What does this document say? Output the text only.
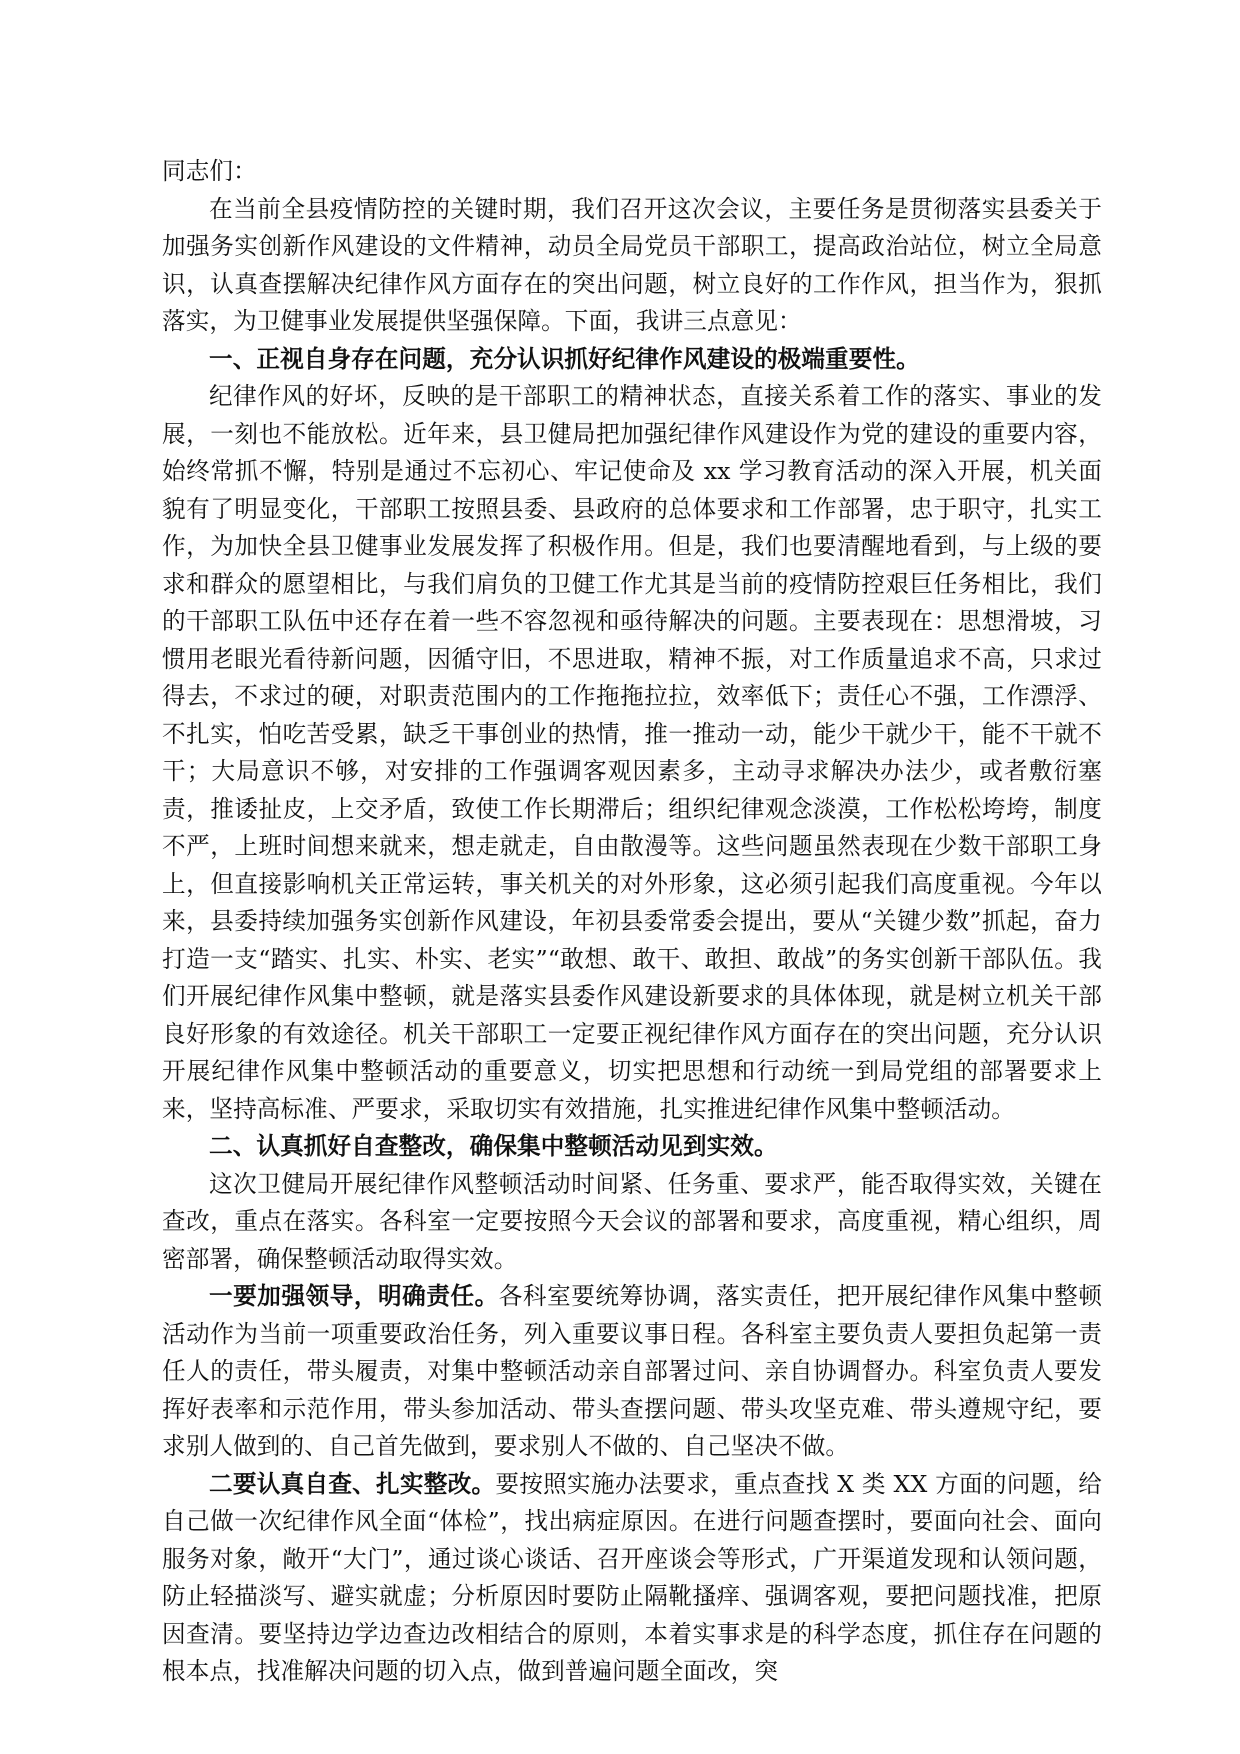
同志们：

在当前全县疫情防控的关键时期，我们召开这次会议，主要任务是贯彻落实县委关于加强务实创新作风建设的文件精神，动员全局党员干部职工，提高政治站位，树立全局意识，认真查摆解决纪律作风方面存在的突出问题，树立良好的工作作风，担当作为，狠抓落实，为卫健事业发展提供坚强保障。下面，我讲三点意见：

一、正视自身存在问题，充分认识抓好纪律作风建设的极端重要性。

纪律作风的好坏，反映的是干部职工的精神状态，直接关系着工作的落实、事业的发展，一刻也不能放松。近年来，县卫健局把加强纪律作风建设作为党的建设的重要内容，始终常抓不懈，特别是通过不忘初心、牢记使命及 xx 学习教育活动的深入开展，机关面貌有了明显变化，干部职工按照县委、县政府的总体要求和工作部署，忠于职守，扎实工作，为加快全县卫健事业发展发挥了积极作用。但是，我们也要清醒地看到，与上级的要求和群众的愿望相比，与我们肩负的卫健工作尤其是当前的疫情防控艰巨任务相比，我们的干部职工队伍中还存在着一些不容忽视和亟待解决的问题。主要表现在：思想滑坡，习惯用老眼光看待新问题，因循守旧，不思进取，精神不振，对工作质量追求不高，只求过得去，不求过的硬，对职责范围内的工作拖拖拉拉，效率低下；责任心不强，工作漂浮、不扎实，怕吃苦受累，缺乏干事创业的热情，推一推动一动，能少干就少干，能不干就不干；大局意识不够，对安排的工作强调客观因素多，主动寻求解决办法少，或者敷衍塞责，推诿扯皮，上交矛盾，致使工作长期滞后；组织纪律观念淡漠，工作松松垮垮，制度不严，上班时间想来就来，想走就走，自由散漫等。这些问题虽然表现在少数干部职工身上，但直接影响机关正常运转，事关机关的对外形象，这必须引起我们高度重视。今年以来，县委持续加强务实创新作风建设，年初县委常委会提出，要从“关键少数”抓起，奋力打造一支“踏实、扎实、朴实、老实”“敢想、敢干、敢担、敢战”的务实创新干部队伍。我们开展纪律作风集中整顿，就是落实县委作风建设新要求的具体体现，就是树立机关干部良好形象的有效途径。机关干部职工一定要正视纪律作风方面存在的突出问题，充分认识开展纪律作风集中整顿活动的重要意义，切实把思想和行动统一到局党组的部署要求上来，坚持高标准、严要求，采取切实有效措施，扎实推进纪律作风集中整顿活动。

二、认真抓好自查整改，确保集中整顿活动见到实效。

这次卫健局开展纪律作风整顿活动时间紧、任务重、要求严，能否取得实效，关键在查改，重点在落实。各科室一定要按照今天会议的部署和要求，高度重视，精心组织，周密部署，确保整顿活动取得实效。

一要加强领导，明确责任。各科室要统筹协调，落实责任，把开展纪律作风集中整顿活动作为当前一项重要政治任务，列入重要议事日程。各科室主要负责人要担负起第一责任人的责任，带头履责，对集中整顿活动亲自部署过问、亲自协调督办。科室负责人要发挥好表率和示范作用，带头参加活动、带头查摆问题、带头攻坚克难、带头遵规守纪，要求别人做到的、自己首先做到，要求别人不做的、自己坚决不做。

二要认真自查、扎实整改。要按照实施办法要求，重点查找 X 类 XX 方面的问题，给自己做一次纪律作风全面“体检”，找出病症原因。在进行问题查摆时，要面向社会、面向服务对象，敞开“大门”，通过谈心谈话、召开座谈会等形式，广开渠道发现和认领问题，防止轻描淡写、避实就虚；分析原因时要防止隔靴搔痒、强调客观，要把问题找准，把原因查清。要坚持边学边查边改相结合的原则，本着实事求是的科学态度，抓住存在问题的根本点，找准解决问题的切入点，做到普遍问题全面改，突
